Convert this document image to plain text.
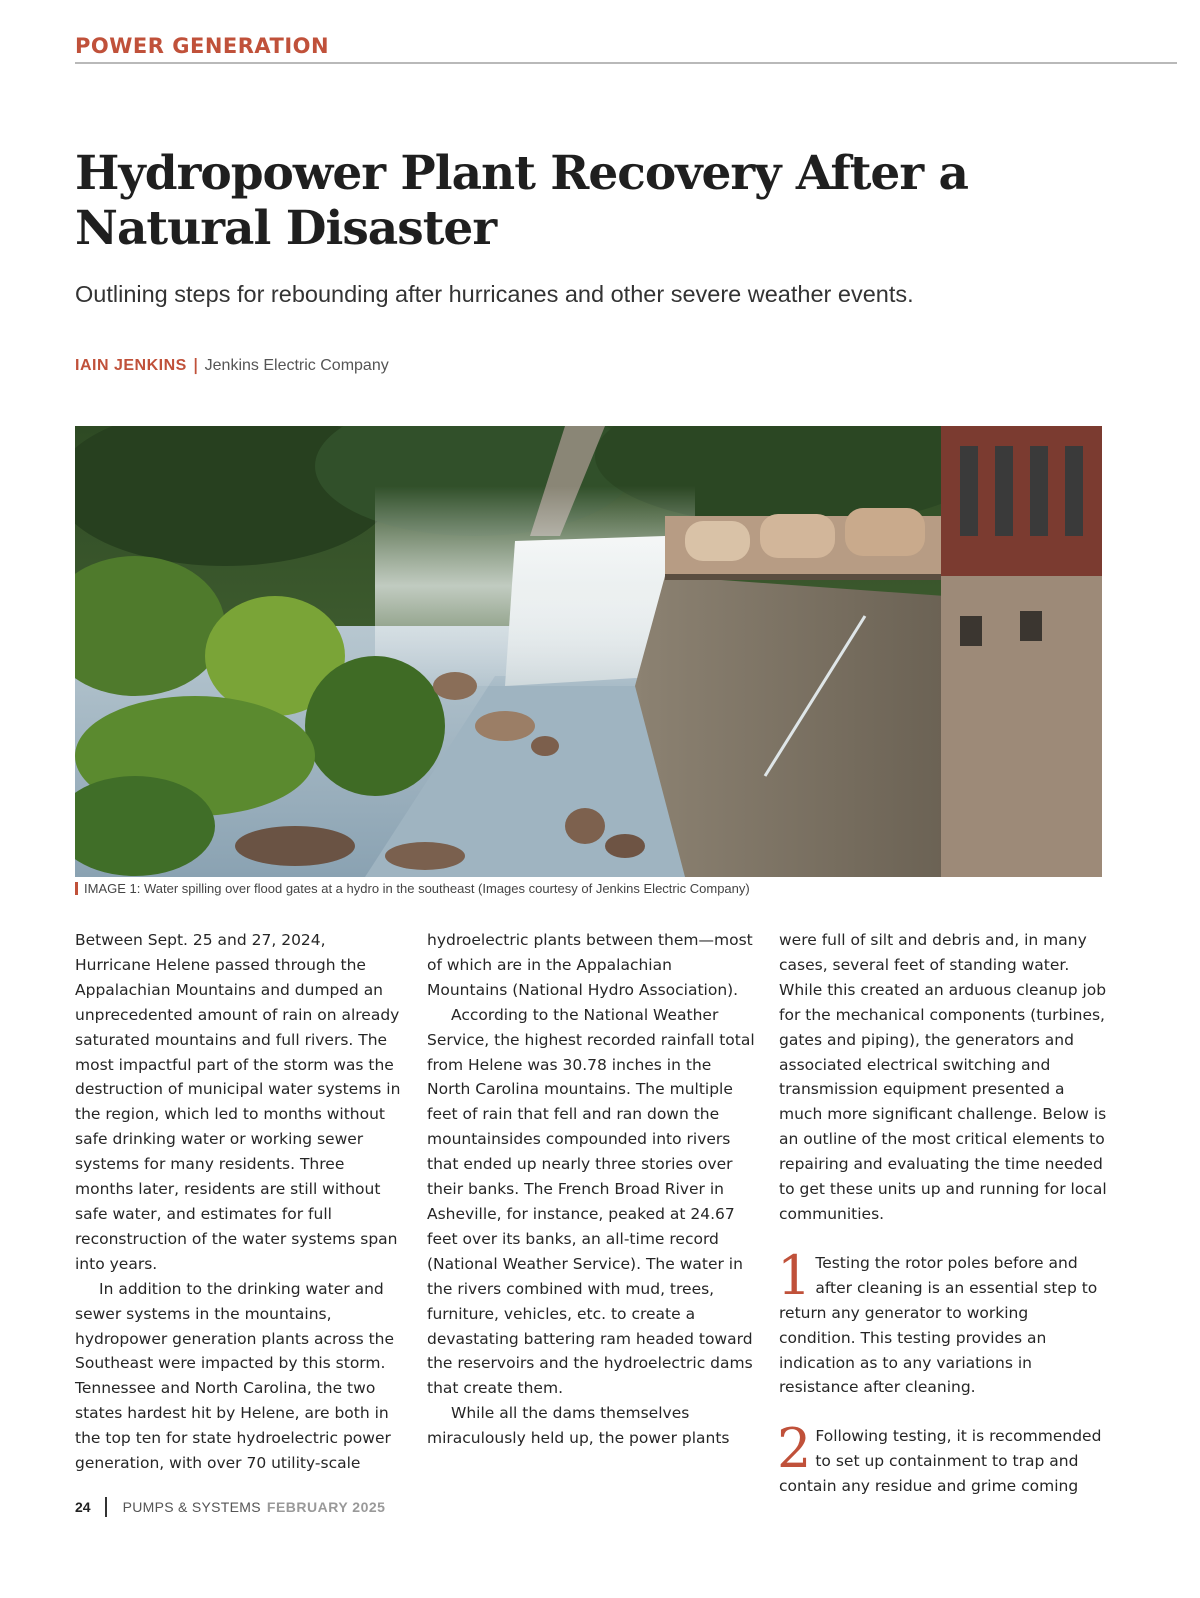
POWER GENERATION
Hydropower Plant Recovery After a Natural Disaster

Outlining steps for rebounding after hurricanes and other severe weather events.

IAIN JENKINS | Jenkins Electric Company
IMAGE 1: Water spilling over flood gates at a hydro in the southeast (Images courtesy of Jenkins Electric Company)

Between Sept. 25 and 27, 2024, Hurricane Helene passed through the Appalachian Mountains and dumped an unprecedented amount of rain on already saturated mountains and full rivers. The most impactful part of the storm was the destruction of municipal water systems in the region, which led to months without safe drinking water or working sewer systems for many residents. Three months later, residents are still without safe water, and estimates for full reconstruction of the water systems span into years.

In addition to the drinking water and sewer systems in the mountains, hydropower generation plants across the Southeast were impacted by this storm. Tennessee and North Carolina, the two states hardest hit by Helene, are both in the top ten for state hydroelectric power generation, with over 70 utility-scale

hydroelectric plants between them—most of which are in the Appalachian Mountains (National Hydro Association).

According to the National Weather Service, the highest recorded rainfall total from Helene was 30.78 inches in the North Carolina mountains. The multiple feet of rain that fell and ran down the mountainsides compounded into rivers that ended up nearly three stories over their banks. The French Broad River in Asheville, for instance, peaked at 24.67 feet over its banks, an all-time record (National Weather Service). The water in the rivers combined with mud, trees, furniture, vehicles, etc. to create a devastating battering ram headed toward the reservoirs and the hydroelectric dams that create them.

While all the dams themselves miraculously held up, the power plants

were full of silt and debris and, in many cases, several feet of standing water. While this created an arduous cleanup job for the mechanical components (turbines, gates and piping), the generators and associated electrical switching and transmission equipment presented a much more significant challenge. Below is an outline of the most critical elements to repairing and evaluating the time needed to get these units up and running for local communities.

1 Testing the rotor poles before and after cleaning is an essential step to return any generator to working condition. This testing provides an indication as to any variations in resistance after cleaning.

2 Following testing, it is recommended to set up containment to trap and contain any residue and grime coming

24 PUMPS & SYSTEMS FEBRUARY 2025
